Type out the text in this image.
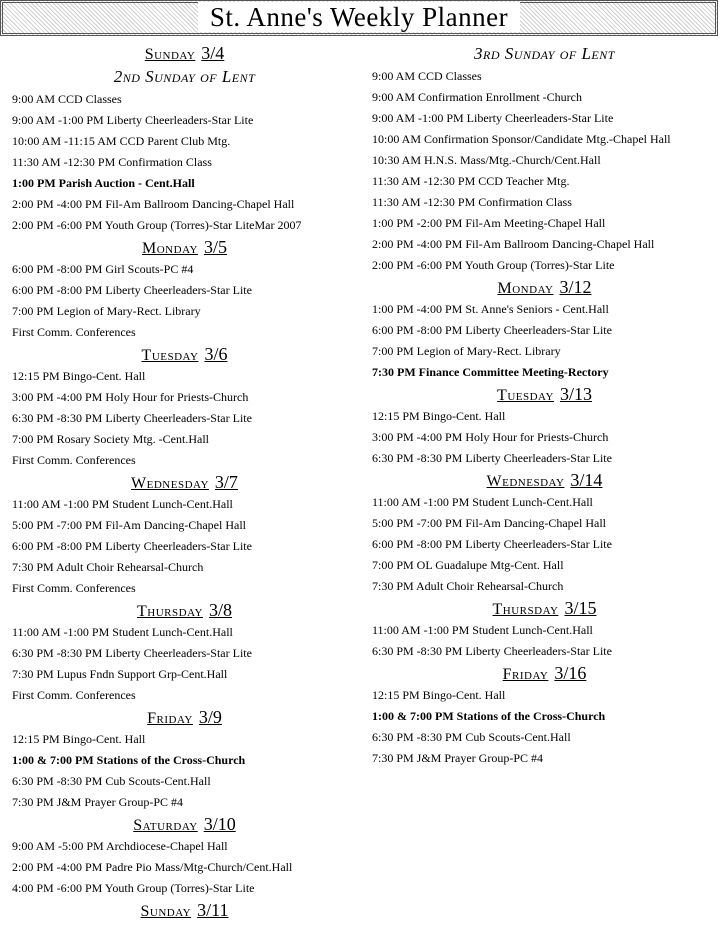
St. Anne's Weekly Planner
Sunday 3/4
2nd Sunday of Lent
9:00 AM CCD Classes
9:00 AM -1:00 PM Liberty Cheerleaders-Star Lite
10:00 AM -11:15 AM CCD Parent Club Mtg.
11:30 AM -12:30 PM Confirmation Class
1:00 PM Parish Auction - Cent.Hall
2:00 PM -4:00 PM Fil-Am Ballroom Dancing-Chapel Hall
2:00 PM -6:00 PM Youth Group (Torres)-Star LiteMar 2007
Monday 3/5
6:00 PM -8:00 PM Girl Scouts-PC #4
6:00 PM -8:00 PM Liberty Cheerleaders-Star Lite
7:00 PM Legion of Mary-Rect. Library
First Comm. Conferences
Tuesday 3/6
12:15 PM Bingo-Cent. Hall
3:00 PM -4:00 PM Holy Hour for Priests-Church
6:30 PM -8:30 PM Liberty Cheerleaders-Star Lite
7:00 PM Rosary Society Mtg. -Cent.Hall
First Comm. Conferences
Wednesday 3/7
11:00 AM -1:00 PM Student Lunch-Cent.Hall
5:00 PM -7:00 PM Fil-Am Dancing-Chapel Hall
6:00 PM -8:00 PM Liberty Cheerleaders-Star Lite
7:30 PM Adult Choir Rehearsal-Church
First Comm. Conferences
Thursday 3/8
11:00 AM -1:00 PM Student Lunch-Cent.Hall
6:30 PM -8:30 PM Liberty Cheerleaders-Star Lite
7:30 PM Lupus Fndn Support Grp-Cent.Hall
First Comm. Conferences
Friday 3/9
12:15 PM Bingo-Cent. Hall
1:00 & 7:00 PM Stations of the Cross-Church
6:30 PM -8:30 PM Cub Scouts-Cent.Hall
7:30 PM J&M Prayer Group-PC #4
Saturday 3/10
9:00 AM -5:00 PM Archdiocese-Chapel Hall
2:00 PM -4:00 PM Padre Pio Mass/Mtg-Church/Cent.Hall
4:00 PM -6:00 PM Youth Group (Torres)-Star Lite
Sunday 3/11
3rd Sunday of Lent
9:00 AM CCD Classes
9:00 AM Confirmation Enrollment -Church
9:00 AM -1:00 PM Liberty Cheerleaders-Star Lite
10:00 AM Confirmation Sponsor/Candidate Mtg.-Chapel Hall
10:30 AM H.N.S. Mass/Mtg.-Church/Cent.Hall
11:30 AM -12:30 PM CCD Teacher Mtg.
11:30 AM -12:30 PM Confirmation Class
1:00 PM -2:00 PM Fil-Am Meeting-Chapel Hall
2:00 PM -4:00 PM Fil-Am Ballroom Dancing-Chapel Hall
2:00 PM -6:00 PM Youth Group (Torres)-Star Lite
Monday 3/12
1:00 PM -4:00 PM St. Anne's Seniors - Cent.Hall
6:00 PM -8:00 PM Liberty Cheerleaders-Star Lite
7:00 PM Legion of Mary-Rect. Library
7:30 PM Finance Committee Meeting-Rectory
Tuesday 3/13
12:15 PM Bingo-Cent. Hall
3:00 PM -4:00 PM Holy Hour for Priests-Church
6:30 PM -8:30 PM Liberty Cheerleaders-Star Lite
Wednesday 3/14
11:00 AM -1:00 PM Student Lunch-Cent.Hall
5:00 PM -7:00 PM Fil-Am Dancing-Chapel Hall
6:00 PM -8:00 PM Liberty Cheerleaders-Star Lite
7:00 PM OL Guadalupe Mtg-Cent. Hall
7:30 PM Adult Choir Rehearsal-Church
Thursday 3/15
11:00 AM -1:00 PM Student Lunch-Cent.Hall
6:30 PM -8:30 PM Liberty Cheerleaders-Star Lite
Friday 3/16
12:15 PM Bingo-Cent. Hall
1:00 & 7:00 PM Stations of the Cross-Church
6:30 PM -8:30 PM Cub Scouts-Cent.Hall
7:30 PM J&M Prayer Group-PC #4
